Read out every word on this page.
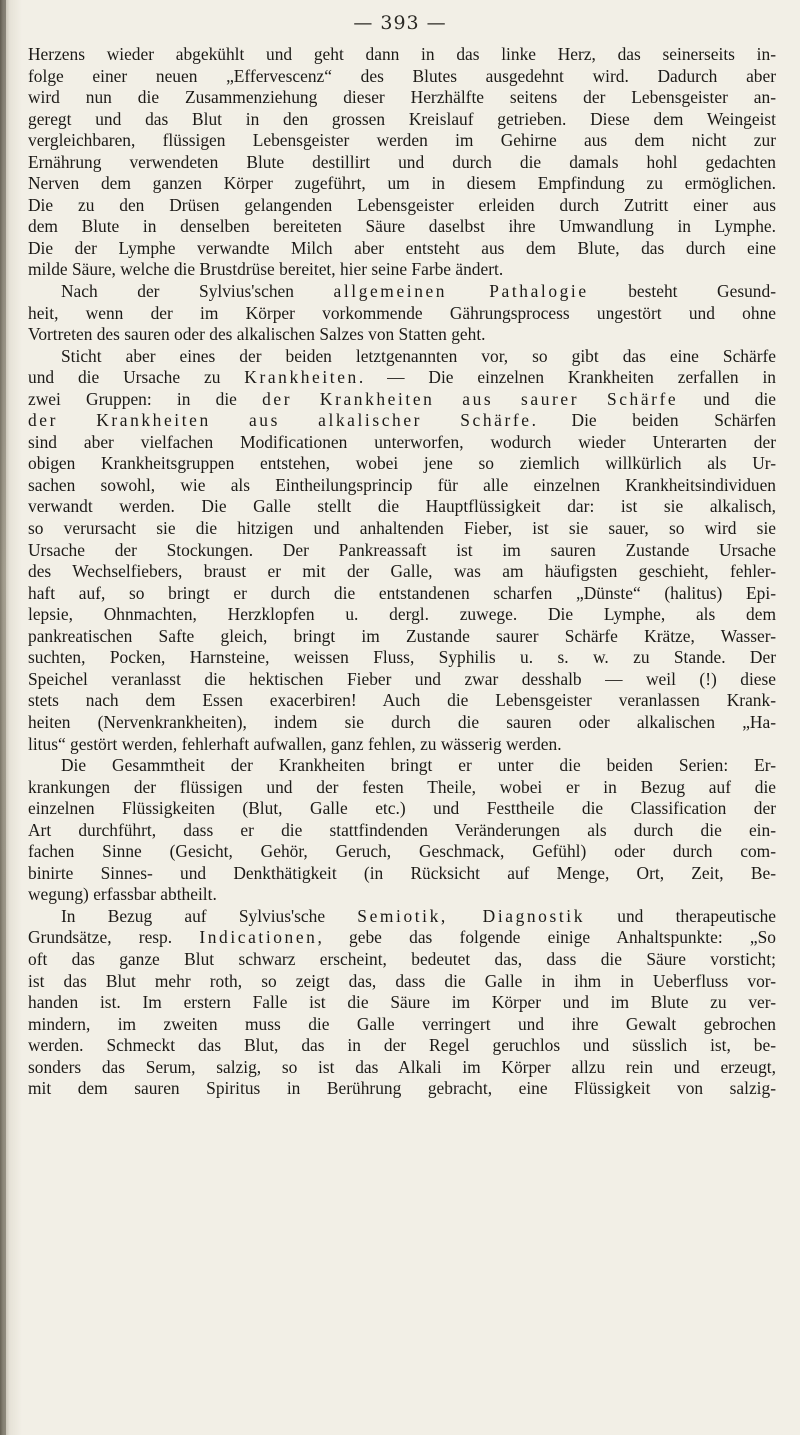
— 393 —
Herzens wieder abgekühlt und geht dann in das linke Herz, das seinerseits in-
folge einer neuen „Effervescenz“ des Blutes ausgedehnt wird. Dadurch aber
wird nun die Zusammenziehung dieser Herzhälfte seitens der Lebensgeister an-
geregt und das Blut in den grossen Kreislauf getrieben. Diese dem Weingeist
vergleichbaren, flüssigen Lebensgeister werden im Gehirne aus dem nicht zur
Ernährung verwendeten Blute destillirt und durch die damals hohl gedachten
Nerven dem ganzen Körper zugeführt, um in diesem Empfindung zu ermöglichen.
Die zu den Drüsen gelangenden Lebensgeister erleiden durch Zutritt einer aus
dem Blute in denselben bereiteten Säure daselbst ihre Umwandlung in Lymphe.
Die der Lymphe verwandte Milch aber entsteht aus dem Blute, das durch eine
milde Säure, welche die Brustdrüse bereitet, hier seine Farbe ändert.
Nach der Sylvius'schen allgemeinen Pathalogie besteht Gesund-
heit, wenn der im Körper vorkommende Gährungsprocess ungestört und ohne
Vortreten des sauren oder des alkalischen Salzes von Statten geht.
Sticht aber eines der beiden letztgenannten vor, so gibt das eine Schärfe
und die Ursache zu Krankheiten. — Die einzelnen Krankheiten zerfallen in
zwei Gruppen: in die der Krankheiten aus saurer Schärfe und die
der Krankheiten aus alkalischer Schärfe. Die beiden Schärfen
sind aber vielfachen Modificationen unterworfen, wodurch wieder Unterarten der
obigen Krankheitsgruppen entstehen, wobei jene so ziemlich willkürlich als Ur-
sachen sowohl, wie als Eintheilungsprincip für alle einzelnen Krankheitsindividuen
verwandt werden. Die Galle stellt die Hauptflüssigkeit dar: ist sie alkalisch,
so verursacht sie die hitzigen und anhaltenden Fieber, ist sie sauer, so wird sie
Ursache der Stockungen. Der Pankreassaft ist im sauren Zustande Ursache
des Wechselfiebers, braust er mit der Galle, was am häufigsten geschieht, fehler-
haft auf, so bringt er durch die entstandenen scharfen „Dünste“ (halitus) Epi-
lepsie, Ohnmachten, Herzklopfen u. dergl. zuwege. Die Lymphe, als dem
pankreatischen Safte gleich, bringt im Zustande saurer Schärfe Krätze, Wasser-
suchten, Pocken, Harnsteine, weissen Fluss, Syphilis u. s. w. zu Stande. Der
Speichel veranlasst die hektischen Fieber und zwar desshalb — weil (!) diese
stets nach dem Essen exacerbiren! Auch die Lebensgeister veranlassen Krank-
heiten (Nervenkrankheiten), indem sie durch die sauren oder alkalischen „Ha-
litus“ gestört werden, fehlerhaft aufwallen, ganz fehlen, zu wässerig werden.
Die Gesammtheit der Krankheiten bringt er unter die beiden Serien: Er-
krankungen der flüssigen und der festen Theile, wobei er in Bezug auf die
einzelnen Flüssigkeiten (Blut, Galle etc.) und Festtheile die Classification der
Art durchführt, dass er die stattfindenden Veränderungen als durch die ein-
fachen Sinne (Gesicht, Gehör, Geruch, Geschmack, Gefühl) oder durch com-
binirte Sinnes- und Denkthätigkeit (in Rücksicht auf Menge, Ort, Zeit, Be-
wegung) erfassbar abtheilt.
In Bezug auf Sylvius'sche Semiotik, Diagnostik und therapeutische
Grundsätze, resp. Indicationen, gebe das folgende einige Anhaltspunkte: „So
oft das ganze Blut schwarz erscheint, bedeutet das, dass die Säure vorsticht;
ist das Blut mehr roth, so zeigt das, dass die Galle in ihm in Ueberfluss vor-
handen ist. Im erstern Falle ist die Säure im Körper und im Blute zu ver-
mindern, im zweiten muss die Galle verringert und ihre Gewalt gebrochen
werden. Schmeckt das Blut, das in der Regel geruchlos und süsslich ist, be-
sonders das Serum, salzig, so ist das Alkali im Körper allzu rein und erzeugt,
mit dem sauren Spiritus in Berührung gebracht, eine Flüssigkeit von salzig-
